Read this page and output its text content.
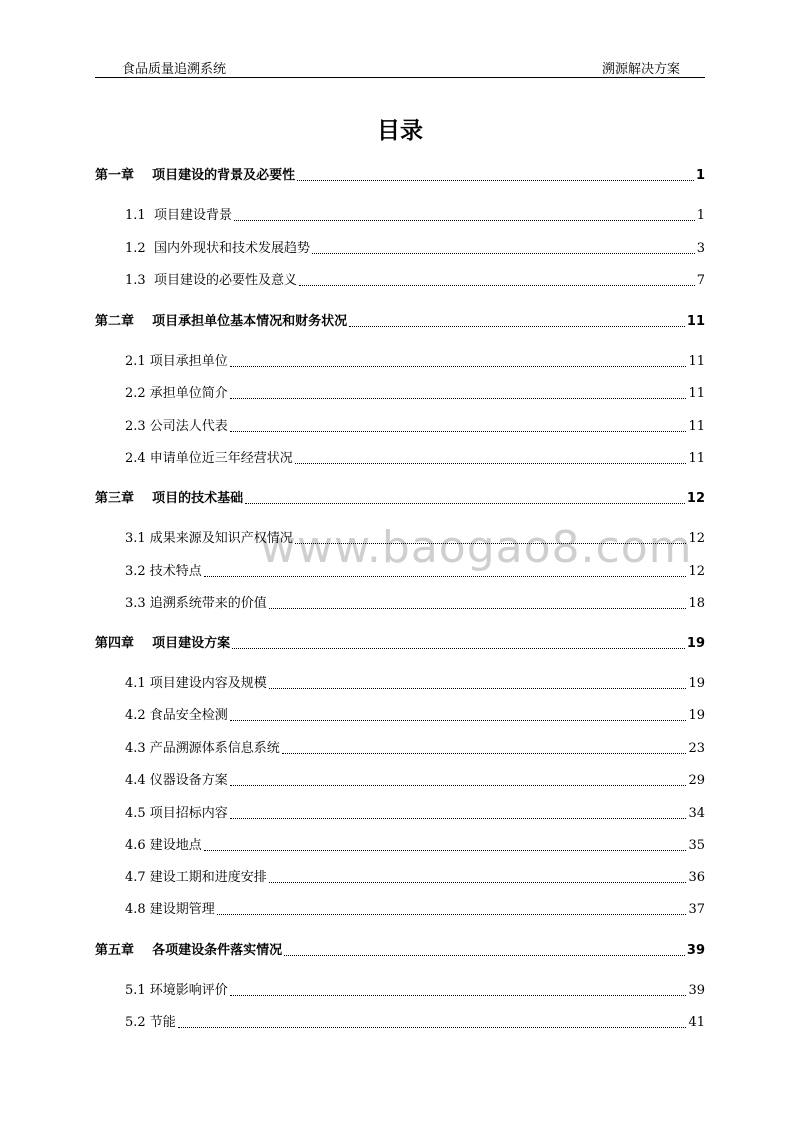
食品质量追溯系统	溯源解决方案
目录
www.baogao8.com
第一章    项目建设的背景及必要性	1
1.1  项目建设背景	1
1.2  国内外现状和技术发展趋势	3
1.3  项目建设的必要性及意义	7
第二章    项目承担单位基本情况和财务状况	11
2.1 项目承担单位	11
2.2 承担单位简介	11
2.3 公司法人代表	11
2.4 申请单位近三年经营状况	11
第三章    项目的技术基础	12
3.1 成果来源及知识产权情况	12
3.2 技术特点	12
3.3 追溯系统带来的价值	18
第四章    项目建设方案	19
4.1 项目建设内容及规模	19
4.2 食品安全检测	19
4.3 产品溯源体系信息系统	23
4.4 仪器设备方案	29
4.5 项目招标内容	34
4.6 建设地点	35
4.7 建设工期和进度安排	36
4.8 建设期管理	37
第五章    各项建设条件落实情况	39
5.1 环境影响评价	39
5.2 节能	41
